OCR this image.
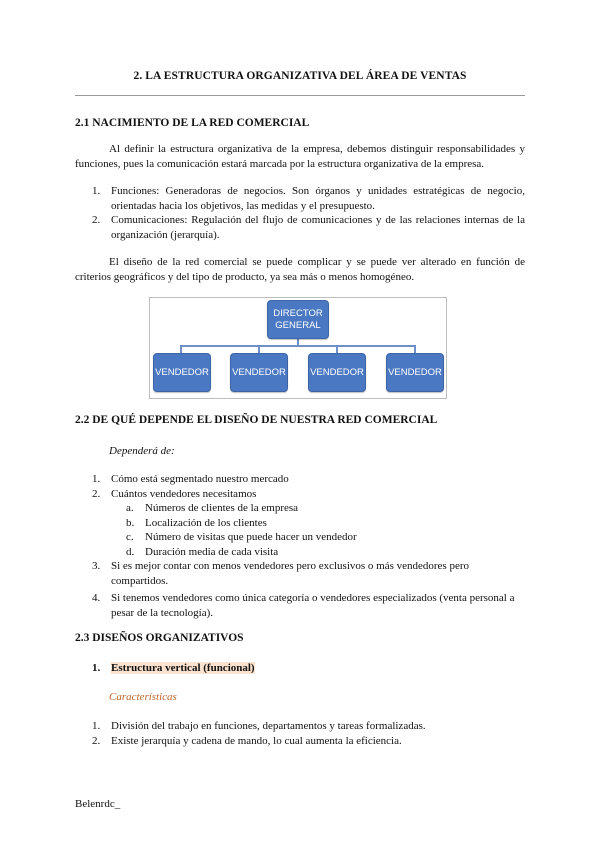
2. LA ESTRUCTURA ORGANIZATIVA DEL ÁREA DE VENTAS
2.1 NACIMIENTO DE LA RED COMERCIAL
Al definir la estructura organizativa de la empresa, debemos distinguir responsabilidades y funciones, pues la comunicación estará marcada por la estructura organizativa de la empresa.
1. Funciones: Generadoras de negocios. Son órganos y unidades estratégicas de negocio, orientadas hacia los objetivos, las medidas y el presupuesto.
2. Comunicaciones: Regulación del flujo de comunicaciones y de las relaciones internas de la organización (jerarquía).
El diseño de la red comercial se puede complicar y se puede ver alterado en función de criterios geográficos y del tipo de producto, ya sea más o menos homogéneo.
DIRECTOR GENERAL
VENDEDOR VENDEDOR	VENDEDOR	VENDEDOR
2.2 DE QUÉ DEPENDE EL DISEÑO DE NUESTRA RED COMERCIAL
Dependerá de:
1. Cómo está segmentado nuestro mercado
2. Cuántos vendedores necesitamos
a. Números de clientes de la empresa
b. Localización de los clientes
c. Número de visitas que puede hacer un vendedor
d. Duración media de cada visita
3. Si es mejor contar con menos vendedores pero exclusivos o más vendedores pero compartidos.
4. Si tenemos vendedores como única categoría o vendedores especializados (venta personal a pesar de la tecnología).
2.3 DISEÑOS ORGANIZATIVOS
1. Estructura vertical (funcional)
Características
1. División del trabajo en funciones, departamentos y tareas formalizadas.
2. Existe jerarquía y cadena de mando, lo cual aumenta la eficiencia.
Belenrdc_
